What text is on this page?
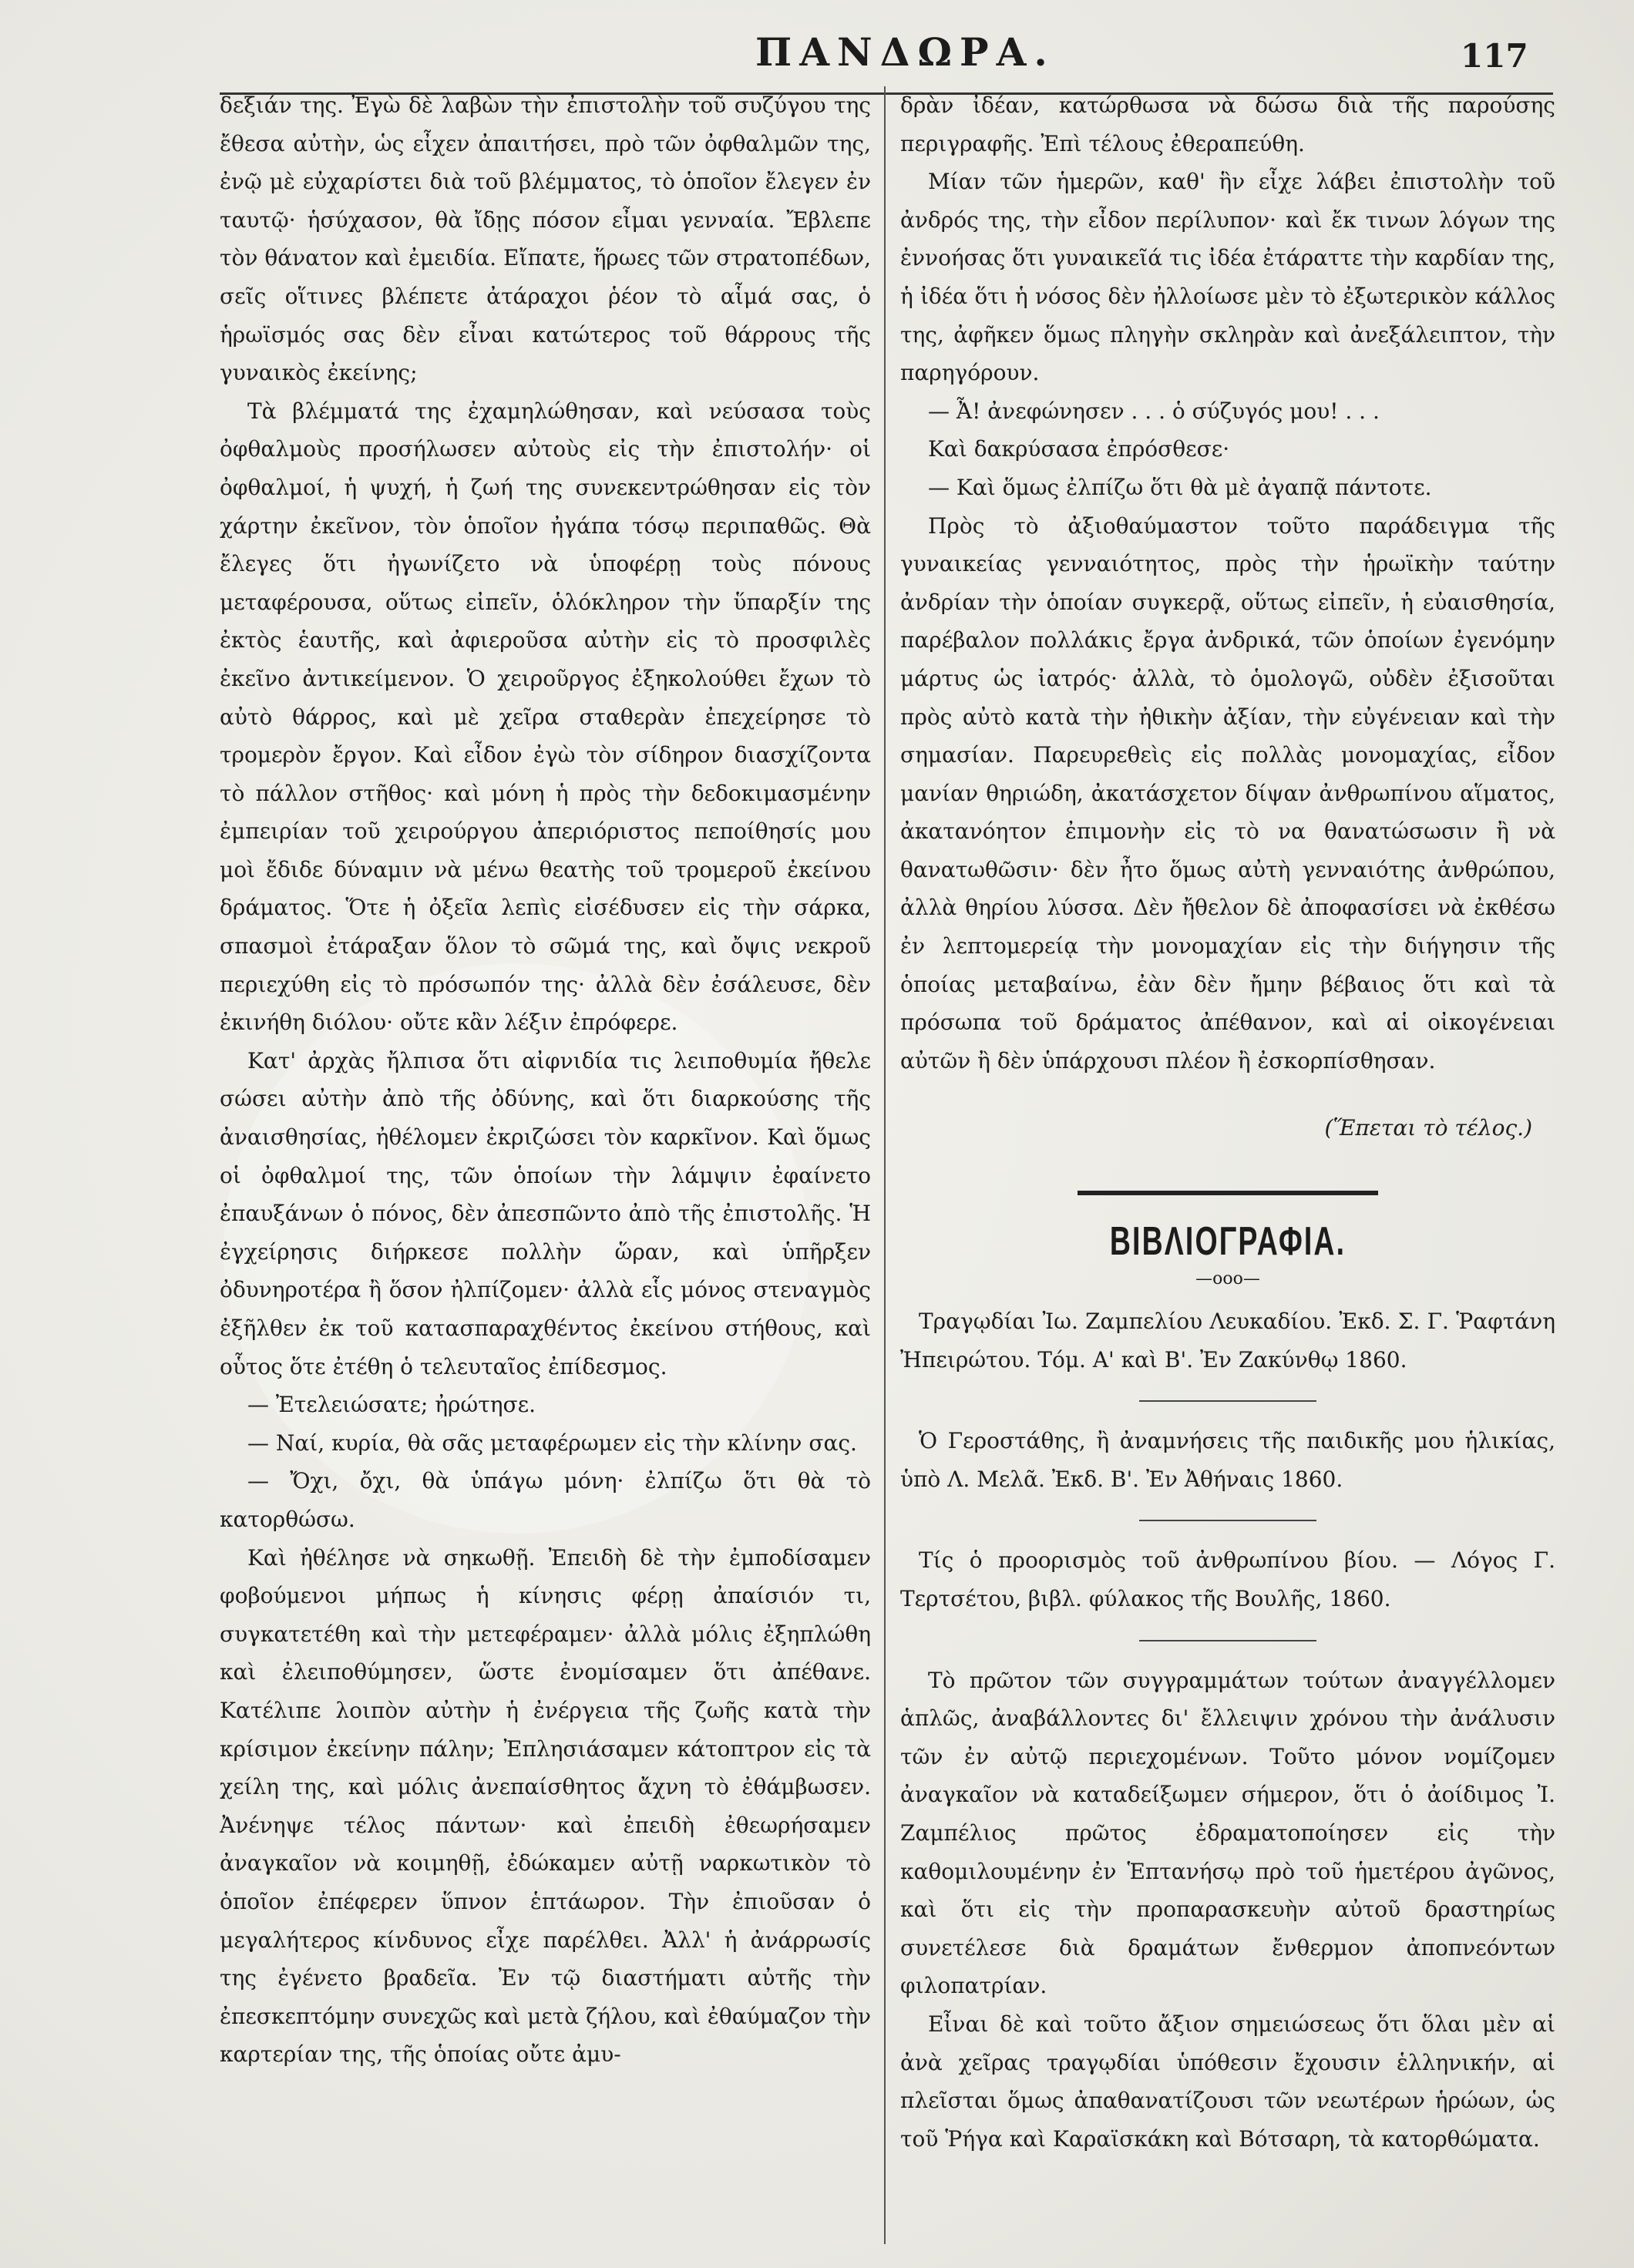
ΠΑΝΔΩΡΑ.	117

δεξιάν της. Ἐγὼ δὲ λαβὼν τὴν ἐπιστολὴν τοῦ συζύγου της ἔθεσα αὐτὴν, ὡς εἶχεν ἀπαιτήσει, πρὸ τῶν ὀφθαλμῶν της, ἐνῷ μὲ εὐχαρίστει διὰ τοῦ βλέμματος, τὸ ὁποῖον ἔλεγεν ἐν ταυτῷ· ἡσύχασον, θὰ ἴδῃς πόσον εἶμαι γενναία. Ἔβλεπε τὸν θάνατον καὶ ἐμειδία. Εἴπατε, ἥρωες τῶν στρατοπέδων, σεῖς οἵτινες βλέπετε ἀτάραχοι ῥέον τὸ αἷμά σας, ὁ ἡρωϊσμός σας δὲν εἶναι κατώτερος τοῦ θάρρους τῆς γυναικὸς ἐκείνης;

Τὰ βλέμματά της ἐχαμηλώθησαν, καὶ νεύσασα τοὺς ὀφθαλμοὺς προσήλωσεν αὐτοὺς εἰς τὴν ἐπιστολήν· οἱ ὀφθαλμοί, ἡ ψυχή, ἡ ζωή της συνεκεντρώθησαν εἰς τὸν χάρτην ἐκεῖνον, τὸν ὁποῖον ἠγάπα τόσῳ περιπαθῶς. Θὰ ἔλεγες ὅτι ἠγωνίζετο νὰ ὑποφέρῃ τοὺς πόνους μεταφέρουσα, οὕτως εἰπεῖν, ὁλόκληρον τὴν ὕπαρξίν της ἐκτὸς ἑαυτῆς, καὶ ἀφιεροῦσα αὐτὴν εἰς τὸ προσφιλὲς ἐκεῖνο ἀντικείμενον. Ὁ χειροῦργος ἐξηκολούθει ἔχων τὸ αὐτὸ θάρρος, καὶ μὲ χεῖρα σταθερὰν ἐπεχείρησε τὸ τρομερὸν ἔργον. Καὶ εἶδον ἐγὼ τὸν σίδηρον διασχίζοντα τὸ πάλλον στῆθος· καὶ μόνη ἡ πρὸς τὴν δεδοκιμασμένην ἐμπειρίαν τοῦ χειρούργου ἀπεριόριστος πεποίθησίς μου μοὶ ἔδιδε δύναμιν νὰ μένω θεατὴς τοῦ τρομεροῦ ἐκείνου δράματος. Ὅτε ἡ ὀξεῖα λεπὶς εἰσέδυσεν εἰς τὴν σάρκα, σπασμοὶ ἐτάραξαν ὅλον τὸ σῶμά της, καὶ ὄψις νεκροῦ περιεχύθη εἰς τὸ πρόσωπόν της· ἀλλὰ δὲν ἐσάλευσε, δὲν ἐκινήθη διόλου· οὔτε κἂν λέξιν ἐπρόφερε.

Κατ' ἀρχὰς ἤλπισα ὅτι αἰφνιδία τις λειποθυμία ἤθελε σώσει αὐτὴν ἀπὸ τῆς ὀδύνης, καὶ ὅτι διαρκούσης τῆς ἀναισθησίας, ἠθέλομεν ἐκριζώσει τὸν καρκῖνον. Καὶ ὅμως οἱ ὀφθαλμοί της, τῶν ὁποίων τὴν λάμψιν ἐφαίνετο ἐπαυξάνων ὁ πόνος, δὲν ἀπεσπῶντο ἀπὸ τῆς ἐπιστολῆς. Ἡ ἐγχείρησις διήρκεσε πολλὴν ὥραν, καὶ ὑπῆρξεν ὀδυνηροτέρα ἢ ὅσον ἠλπίζομεν· ἀλλὰ εἷς μόνος στεναγμὸς ἐξῆλθεν ἐκ τοῦ κατασπαραχθέντος ἐκείνου στήθους, καὶ οὗτος ὅτε ἐτέθη ὁ τελευταῖος ἐπίδεσμος.

— Ἐτελειώσατε; ἠρώτησε.

— Ναί, κυρία, θὰ σᾶς μεταφέρωμεν εἰς τὴν κλίνην σας.

— Ὄχι, ὄχι, θὰ ὑπάγω μόνη· ἐλπίζω ὅτι θὰ τὸ κατορθώσω.

Καὶ ἠθέλησε νὰ σηκωθῇ. Ἐπειδὴ δὲ τὴν ἐμποδίσαμεν φοβούμενοι μήπως ἡ κίνησις φέρῃ ἀπαίσιόν τι, συγκατετέθη καὶ τὴν μετεφέραμεν· ἀλλὰ μόλις ἐξηπλώθη καὶ ἐλειποθύμησεν, ὥστε ἐνομίσαμεν ὅτι ἀπέθανε. Κατέλιπε λοιπὸν αὐτὴν ἡ ἐνέργεια τῆς ζωῆς κατὰ τὴν κρίσιμον ἐκείνην πάλην; Ἐπλησιάσαμεν κάτοπτρον εἰς τὰ χείλη της, καὶ μόλις ἀνεπαίσθητος ἄχνη τὸ ἐθάμβωσεν. Ἀνένηψε τέλος πάντων· καὶ ἐπειδὴ ἐθεωρήσαμεν ἀναγκαῖον νὰ κοιμηθῇ, ἐδώκαμεν αὐτῇ ναρκωτικὸν τὸ ὁποῖον ἐπέφερεν ὕπνον ἑπτάωρον. Τὴν ἐπιοῦσαν ὁ μεγαλήτερος κίνδυνος εἶχε παρέλθει. Ἀλλ' ἡ ἀνάρρωσίς της ἐγένετο βραδεῖα. Ἐν τῷ διαστήματι αὐτῆς τὴν ἐπεσκεπτόμην συνεχῶς καὶ μετὰ ζήλου, καὶ ἐθαύμαζον τὴν καρτερίαν της, τῆς ὁποίας οὔτε ἀμυ-

δρὰν ἰδέαν, κατώρθωσα νὰ δώσω διὰ τῆς παρούσης περιγραφῆς. Ἐπὶ τέλους ἐθεραπεύθη.

Μίαν τῶν ἡμερῶν, καθ' ἣν εἶχε λάβει ἐπιστολὴν τοῦ ἀνδρός της, τὴν εἶδον περίλυπον· καὶ ἔκ τινων λόγων της ἐννοήσας ὅτι γυναικεῖά τις ἰδέα ἐτάραττε τὴν καρδίαν της, ἡ ἰδέα ὅτι ἡ νόσος δὲν ἠλλοίωσε μὲν τὸ ἐξωτερικὸν κάλλος της, ἀφῆκεν ὅμως πληγὴν σκληρὰν καὶ ἀνεξάλειπτον, τὴν παρηγόρουν.

— Ἆ! ἀνεφώνησεν . . . ὁ σύζυγός μου! . . .

Καὶ δακρύσασα ἐπρόσθεσε·

— Καὶ ὅμως ἐλπίζω ὅτι θὰ μὲ ἀγαπᾷ πάντοτε.

Πρὸς τὸ ἀξιοθαύμαστον τοῦτο παράδειγμα τῆς γυναικείας γενναιότητος, πρὸς τὴν ἡρωϊκὴν ταύτην ἀνδρίαν τὴν ὁποίαν συγκερᾷ, οὕτως εἰπεῖν, ἡ εὐαισθησία, παρέβαλον πολλάκις ἔργα ἀνδρικά, τῶν ὁποίων ἐγενόμην μάρτυς ὡς ἰατρός· ἀλλὰ, τὸ ὁμολογῶ, οὐδὲν ἐξισοῦται πρὸς αὐτὸ κατὰ τὴν ἠθικὴν ἀξίαν, τὴν εὐγένειαν καὶ τὴν σημασίαν. Παρευρεθεὶς εἰς πολλὰς μονομαχίας, εἶδον μανίαν θηριώδη, ἀκατάσχετον δίψαν ἀνθρωπίνου αἵματος, ἀκατανόητον ἐπιμονὴν εἰς τὸ να θανατώσωσιν ἢ νὰ θανατωθῶσιν· δὲν ἦτο ὅμως αὐτὴ γενναιότης ἀνθρώπου, ἀλλὰ θηρίου λύσσα. Δὲν ἤθελον δὲ ἀποφασίσει νὰ ἐκθέσω ἐν λεπτομερείᾳ τὴν μονομαχίαν εἰς τὴν διήγησιν τῆς ὁποίας μεταβαίνω, ἐὰν δὲν ἤμην βέβαιος ὅτι καὶ τὰ πρόσωπα τοῦ δράματος ἀπέθανον, καὶ αἱ οἰκογένειαι αὐτῶν ἢ δὲν ὑπάρχουσι πλέον ἢ ἐσκορπίσθησαν.

(Ἕπεται τὸ τέλος.)

ΒΙΒΛΙΟΓΡΑΦΙΑ.
—ooo—

Τραγῳδίαι Ἰω. Ζαμπελίου Λευκαδίου. Ἐκδ. Σ. Γ. Ῥαφτάνη Ἠπειρώτου. Τόμ. Α' καὶ Β'. Ἐν Ζακύνθῳ 1860.

Ὁ Γεροστάθης, ἢ ἀναμνήσεις τῆς παιδικῆς μου ἡλικίας, ὑπὸ Λ. Μελᾶ. Ἐκδ. Β'. Ἐν Ἀθήναις 1860.

Τίς ὁ προορισμὸς τοῦ ἀνθρωπίνου βίου. — Λόγος Γ. Τερτσέτου, βιβλ. φύλακος τῆς Βουλῆς, 1860.

Τὸ πρῶτον τῶν συγγραμμάτων τούτων ἀναγγέλλομεν ἁπλῶς, ἀναβάλλοντες δι' ἔλλειψιν χρόνου τὴν ἀνάλυσιν τῶν ἐν αὐτῷ περιεχομένων. Τοῦτο μόνον νομίζομεν ἀναγκαῖον νὰ καταδείξωμεν σήμερον, ὅτι ὁ ἀοίδιμος Ἰ. Ζαμπέλιος πρῶτος ἐδραματοποίησεν εἰς τὴν καθομιλουμένην ἐν Ἑπτανήσῳ πρὸ τοῦ ἡμετέρου ἀγῶνος, καὶ ὅτι εἰς τὴν προπαρασκευὴν αὐτοῦ δραστηρίως συνετέλεσε διὰ δραμάτων ἔνθερμον ἀποπνεόντων φιλοπατρίαν.

Εἶναι δὲ καὶ τοῦτο ἄξιον σημειώσεως ὅτι ὅλαι μὲν αἱ ἀνὰ χεῖρας τραγῳδίαι ὑπόθεσιν ἔχουσιν ἑλληνικήν, αἱ πλεῖσται ὅμως ἀπαθανατίζουσι τῶν νεωτέρων ἡρώων, ὡς τοῦ Ῥήγα καὶ Καραϊσκάκη καὶ Βότσαρη, τὰ κατορθώματα.
